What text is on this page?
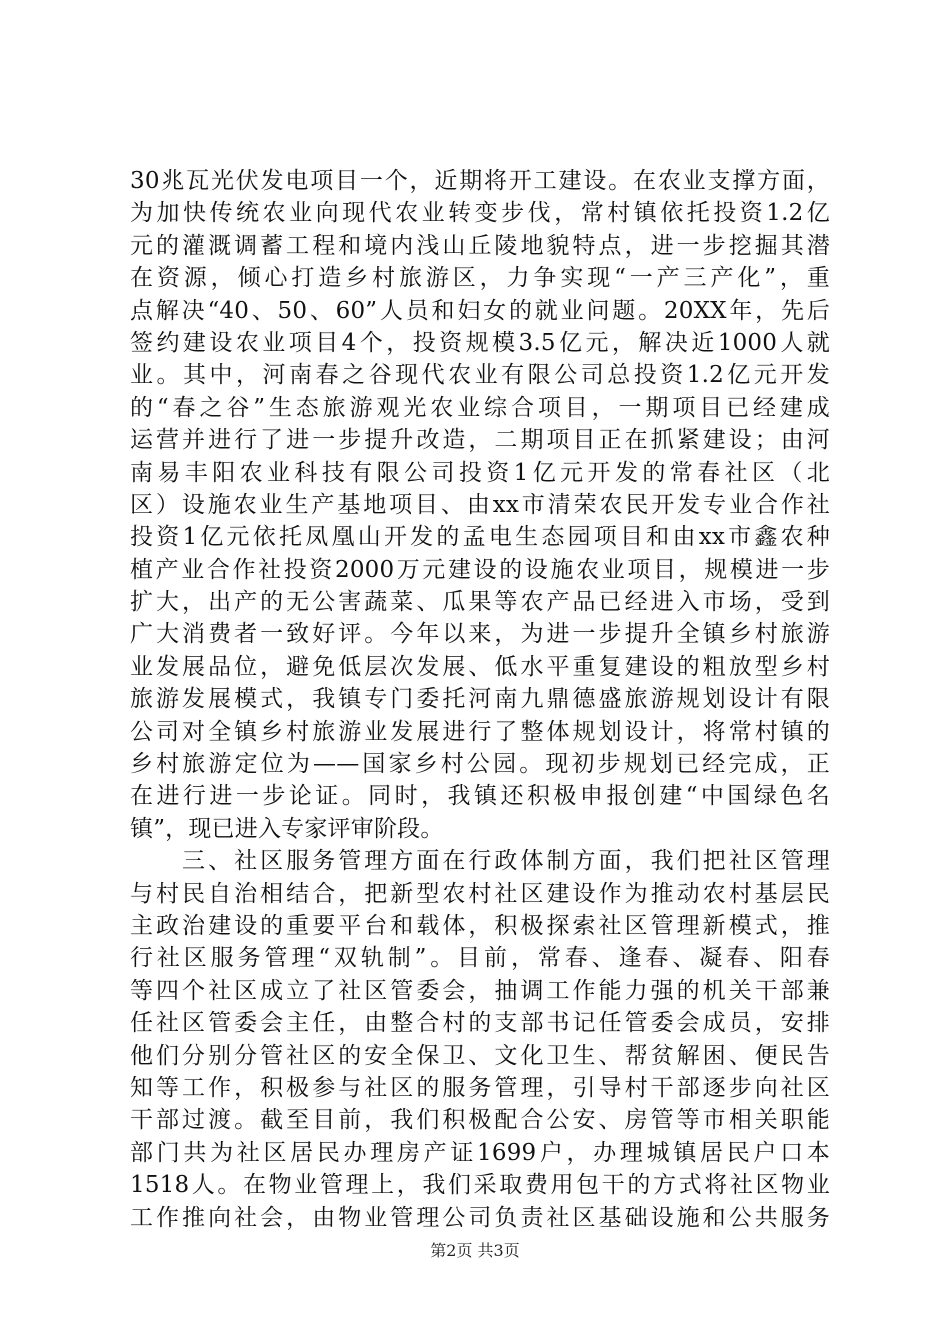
30兆瓦光伏发电项目一个，近期将开工建设。在农业支撑方面，
为加快传统农业向现代农业转变步伐，常村镇依托投资1.2亿
元的灌溉调蓄工程和境内浅山丘陵地貌特点，进一步挖掘其潜
在资源，倾心打造乡村旅游区，力争实现“一产三产化”，重
点解决“40、50、60”人员和妇女的就业问题。20XX年，先后
签约建设农业项目4个，投资规模3.5亿元，解决近1000人就
业。其中，河南春之谷现代农业有限公司总投资1.2亿元开发
的“春之谷”生态旅游观光农业综合项目，一期项目已经建成
运营并进行了进一步提升改造，二期项目正在抓紧建设；由河
南易丰阳农业科技有限公司投资1亿元开发的常春社区（北
区）设施农业生产基地项目、由xx市清荣农民开发专业合作社
投资1亿元依托凤凰山开发的孟电生态园项目和由xx市鑫农种
植产业合作社投资2000万元建设的设施农业项目，规模进一步
扩大，出产的无公害蔬菜、瓜果等农产品已经进入市场，受到
广大消费者一致好评。今年以来，为进一步提升全镇乡村旅游
业发展品位，避免低层次发展、低水平重复建设的粗放型乡村
旅游发展模式，我镇专门委托河南九鼎德盛旅游规划设计有限
公司对全镇乡村旅游业发展进行了整体规划设计，将常村镇的
乡村旅游定位为——国家乡村公园。现初步规划已经完成，正
在进行进一步论证。同时，我镇还积极申报创建“中国绿色名
镇”，现已进入专家评审阶段。
　　三、社区服务管理方面在行政体制方面，我们把社区管理
与村民自治相结合，把新型农村社区建设作为推动农村基层民
主政治建设的重要平台和载体，积极探索社区管理新模式，推
行社区服务管理“双轨制”。目前，常春、逢春、凝春、阳春
等四个社区成立了社区管委会，抽调工作能力强的机关干部兼
任社区管委会主任，由整合村的支部书记任管委会成员，安排
他们分别分管社区的安全保卫、文化卫生、帮贫解困、便民告
知等工作，积极参与社区的服务管理，引导村干部逐步向社区
干部过渡。截至目前，我们积极配合公安、房管等市相关职能
部门共为社区居民办理房产证1699户，办理城镇居民户口本
1518人。在物业管理上，我们采取费用包干的方式将社区物业
工作推向社会，由物业管理公司负责社区基础设施和公共服务
第2页 共3页
